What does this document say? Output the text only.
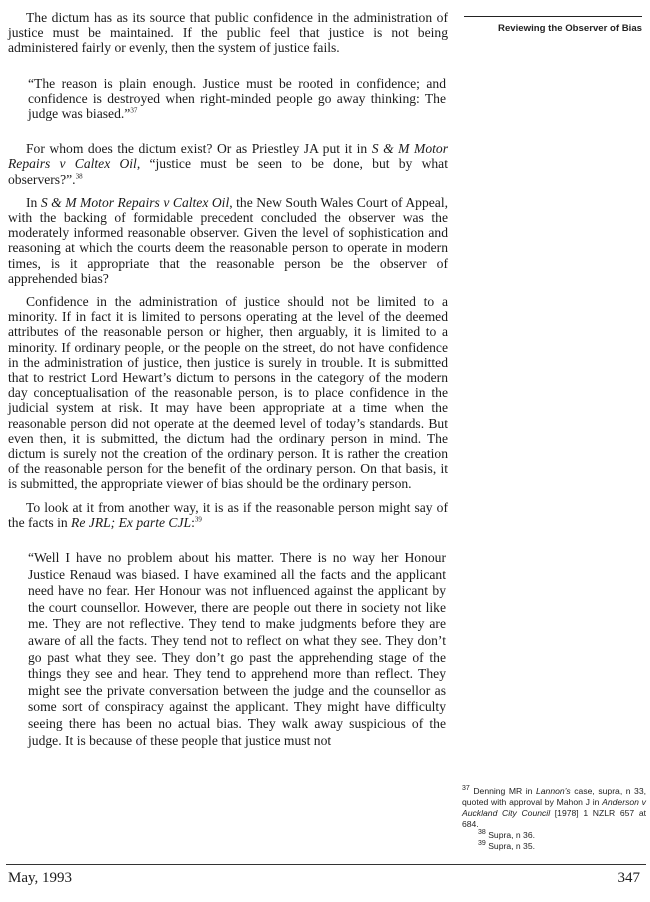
Reviewing the Observer of Bias

The dictum has as its source that public confidence in the administration of justice must be maintained. If the public feel that justice is not being administered fairly or evenly, then the system of justice fails.

“The reason is plain enough. Justice must be rooted in confidence; and confidence is destroyed when right-minded people go away thinking: The judge was biased.”$^{37}$

For whom does the dictum exist? Or as Priestley JA put it in S & M Motor Repairs v Caltex Oil, “justice must be seen to be done, but by what observers?”.$^{38}$

In S & M Motor Repairs v Caltex Oil, the New South Wales Court of Appeal, with the backing of formidable precedent concluded the observer was the moderately informed reasonable observer. Given the level of sophistication and reasoning at which the courts deem the reasonable person to operate in modern times, is it appropriate that the reasonable person be the observer of apprehended bias?

Confidence in the administration of justice should not be limited to a minority. If in fact it is limited to persons operating at the level of the deemed attributes of the reasonable person or higher, then arguably, it is limited to a minority. If ordinary people, or the people on the street, do not have confidence in the administration of justice, then justice is surely in trouble. It is submitted that to restrict Lord Hewart’s dictum to persons in the category of the modern day conceptualisation of the reasonable person, is to place confidence in the judicial system at risk. It may have been appropriate at a time when the reasonable person did not operate at the deemed level of today’s standards. But even then, it is submitted, the dictum had the ordinary person in mind. The dictum is surely not the creation of the ordinary person. It is rather the creation of the reasonable person for the benefit of the ordinary person. On that basis, it is submitted, the appropriate viewer of bias should be the ordinary person.

To look at it from another way, it is as if the reasonable person might say of the facts in Re JRL; Ex parte CJL:$^{39}$

“Well I have no problem about his matter. There is no way her Honour Justice Renaud was biased. I have examined all the facts and the applicant need have no fear. Her Honour was not influenced against the applicant by the court counsellor. However, there are people out there in society not like me. They are not reflective. They tend to make judgments before they are aware of all the facts. They tend not to reflect on what they see. They don’t go past what they see. They don’t go past the apprehending stage of the things they see and hear. They tend to apprehend more than reflect. They might see the private conversation between the judge and the counsellor as some sort of conspiracy against the applicant. They might have difficulty seeing there has been no actual bias. They walk away suspicious of the judge. It is because of these people that justice must not

$^{37}$ Denning MR in Lannon’s case, supra, n 33, quoted with approval by Mahon J in Anderson v Auckland City Council [1978] 1 NZLR 657 at 684.
$^{38}$ Supra, n 36.
$^{39}$ Supra, n 35.
May, 1993	347
